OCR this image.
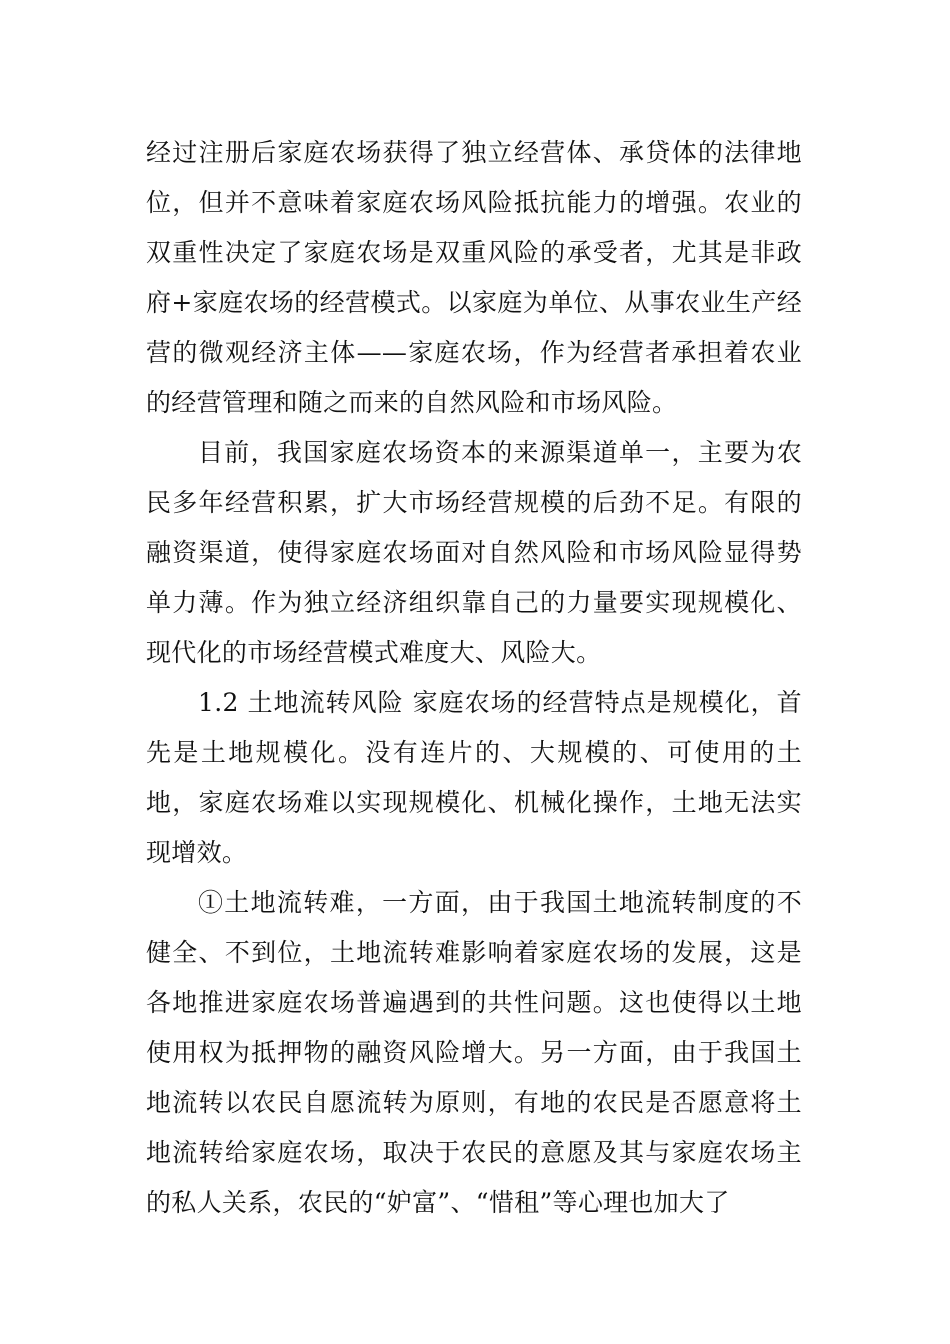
经过注册后家庭农场获得了独立经营体、承贷体的法律地位，但并不意味着家庭农场风险抵抗能力的增强。农业的双重性决定了家庭农场是双重风险的承受者，尤其是非政府+家庭农场的经营模式。以家庭为单位、从事农业生产经营的微观经济主体——家庭农场，作为经营者承担着农业的经营管理和随之而来的自然风险和市场风险。

目前，我国家庭农场资本的来源渠道单一，主要为农民多年经营积累，扩大市场经营规模的后劲不足。有限的融资渠道，使得家庭农场面对自然风险和市场风险显得势单力薄。作为独立经济组织靠自己的力量要实现规模化、现代化的市场经营模式难度大、风险大。

1.2 土地流转风险 家庭农场的经营特点是规模化，首先是土地规模化。没有连片的、大规模的、可使用的土地，家庭农场难以实现规模化、机械化操作，土地无法实现增效。

①土地流转难，一方面，由于我国土地流转制度的不健全、不到位，土地流转难影响着家庭农场的发展，这是各地推进家庭农场普遍遇到的共性问题。这也使得以土地使用权为抵押物的融资风险增大。另一方面，由于我国土地流转以农民自愿流转为原则，有地的农民是否愿意将土地流转给家庭农场，取决于农民的意愿及其与家庭农场主的私人关系，农民的“妒富”、“惜租”等心理也加大了
